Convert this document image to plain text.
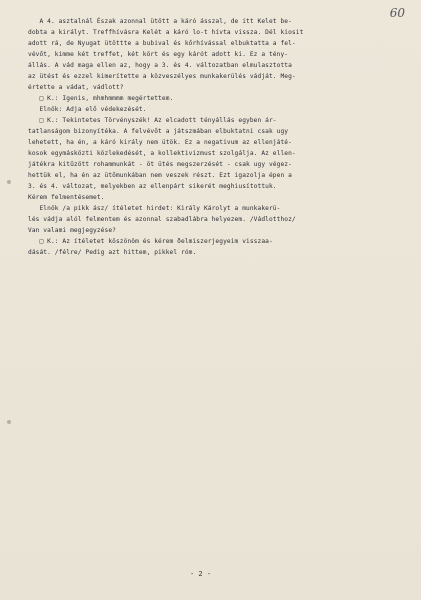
60
A 4. asztalnál Észak azonnal ütött a káró ásszal, de itt Kelet be-
dobta a királyt. Treffhívásra Kelét a káró lo-t hívta vissza. Dél kiosit
adott rá, de Nyugat ütöttte a bubival és kőrhívással elbuktatta a fel-
vévőt, kimme két treffet, két kört és egy kárót adott ki. Ez a tény-
állás. A vád maga ellen az, hogy a 3. és 4. változatban elmulasztotta
az ütést és ezzel kimerítette a közveszélyes munkakerülés vádját. Meg-
értette a vádat, vádlott?
□ K.: Igenis, mhmhmmmm megértettem.
Elnök: Adja elő védekezését.
□ K.: Tekintetes Törvényszék! Az elcadott tényállás egyben ár-
tatlanságom bizonyítéka. A felvévőt a játszmában elbuktatni csak ugy
lehetett, ha én, a káró király nem ütök. Ez a negativum az ellenjáté-
kosok egymásközti közlekedését, a kollektivizmust szolgálja. Az ellen-
játékra kitűzött rohammunkát - öt ütés megszerzését - csak ugy végez-
hettük el, ha én az ütőmunkában nem veszek részt. Ezt igazolja épen a
3. és 4. változat, melyekben az ellenpárt sikerét meghiusítottuk.
Kérem felmentésemet.
Elnök /a pikk ász/ ítéletet hirdet: Király Károlyt a munkakerü-
lés vádja alól felmentem és azonnal szabadlábra helyezem. /Vádlotthoz/
Van valami megjegyzése?
□ K.: Az ítéletet köszönöm és kérem ðelmiszerjegyeim visszaa-
dását. /félre/ Pedig azt hittem, pikkel róm.
- 2 -
